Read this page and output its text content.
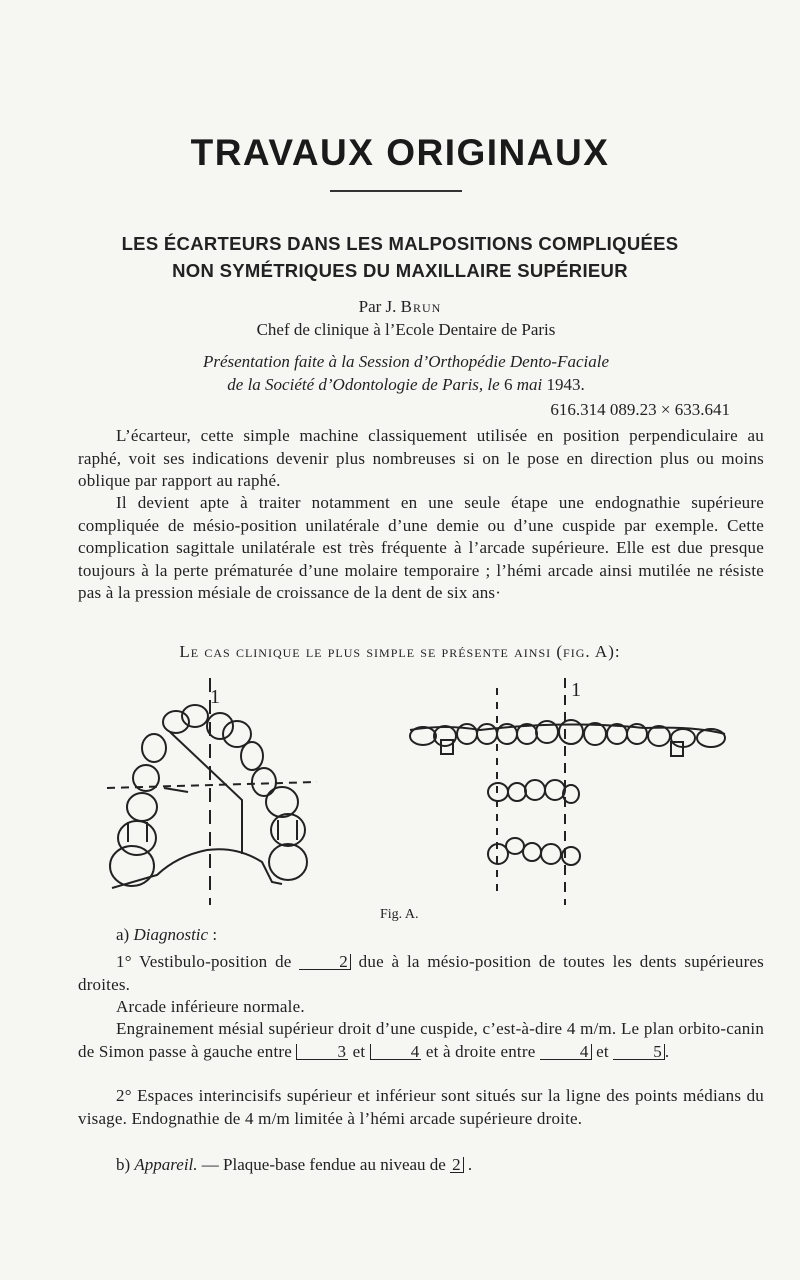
TRAVAUX ORIGINAUX
LES ÉCARTEURS DANS LES MALPOSITIONS COMPLIQUÉES
NON SYMÉTRIQUES DU MAXILLAIRE SUPÉRIEUR
Par J. Brun
Chef de clinique à l’Ecole Dentaire de Paris
Présentation faite à la Session d’Orthopédie Dento-Faciale
de la Société d’Odontologie de Paris, le 6 mai 1943.
616.314 089.23 × 633.641

L’écarteur, cette simple machine classiquement utilisée en position perpendiculaire au raphé, voit ses indications devenir plus nombreuses si on le pose en direction plus ou moins oblique par rapport au raphé.

Il devient apte à traiter notamment en une seule étape une endognathie supérieure compliquée de mésio-position unilatérale d’une demie ou d’une cuspide par exemple. Cette complication sagittale unilatérale est très fréquente à l’arcade supérieure. Elle est due presque toujours à la perte prématurée d’une molaire temporaire ; l’hémi arcade ainsi mutilée ne résiste pas à la pression mésiale de croissance de la dent de six ans·

Le cas clinique le plus simple se présente ainsi (fig. A):
1	1
Fig. A.
a) Diagnostic :

1° Vestibulo-position de 2 due à la mésio-position de toutes les dents supérieures droites.

Arcade inférieure normale.

Engrainement mésial supérieur droit d’une cuspide, c’est-à-dire 4 m/m. Le plan orbito-canin de Simon passe à gauche entre 3 et 4 et à droite entre 4 et 5 .

2° Espaces interincisifs supérieur et inférieur sont situés sur la ligne des points médians du visage. Endognathie de 4 m/m limitée à l’hémi arcade supérieure droite.

b) Appareil. — Plaque-base fendue au niveau de 2 .
